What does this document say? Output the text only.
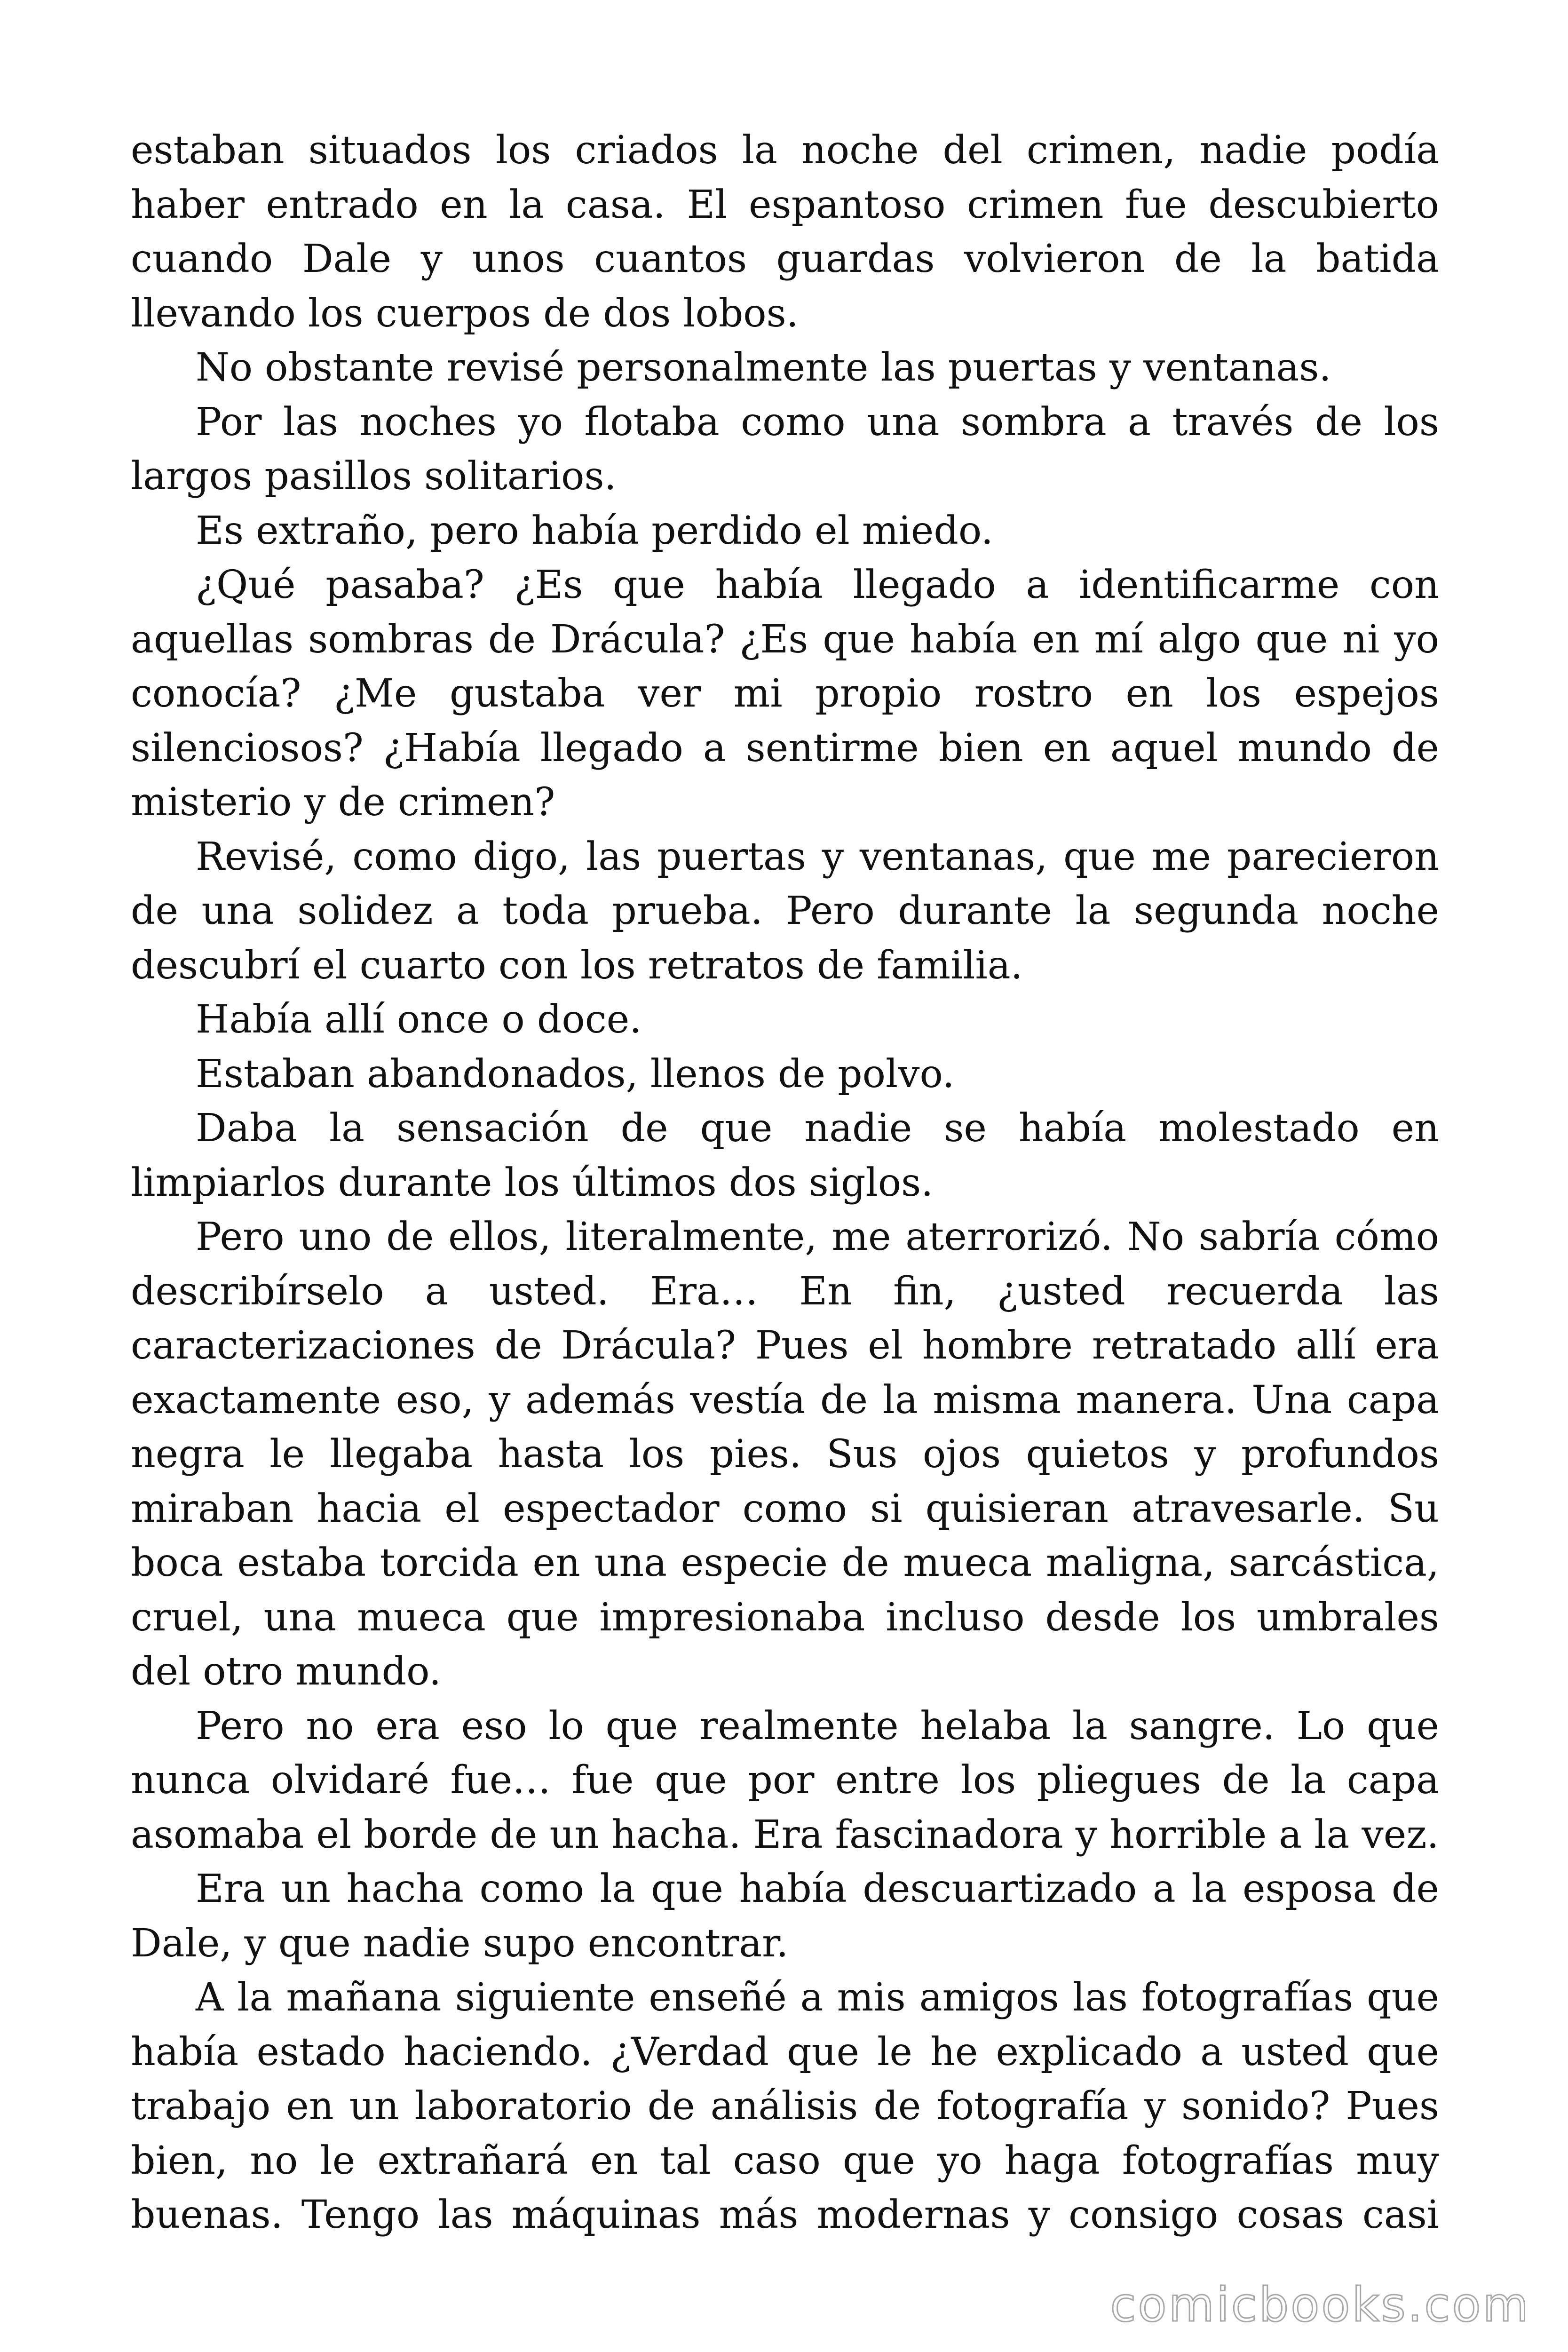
estaban situados los criados la noche del crimen, nadie podía haber entrado en la casa. El espantoso crimen fue descubierto cuando Dale y unos cuantos guardas volvieron de la batida llevando los cuerpos de dos lobos.

No obstante revisé personalmente las puertas y ventanas.

Por las noches yo flotaba como una sombra a través de los largos pasillos solitarios.

Es extraño, pero había perdido el miedo.

¿Qué pasaba? ¿Es que había llegado a identificarme con aquellas sombras de Drácula? ¿Es que había en mí algo que ni yo conocía? ¿Me gustaba ver mi propio rostro en los espejos silenciosos? ¿Había llegado a sentirme bien en aquel mundo de misterio y de crimen?

Revisé, como digo, las puertas y ventanas, que me parecieron de una solidez a toda prueba. Pero durante la segunda noche descubrí el cuarto con los retratos de familia.

Había allí once o doce.

Estaban abandonados, llenos de polvo.

Daba la sensación de que nadie se había molestado en limpiarlos durante los últimos dos siglos.

Pero uno de ellos, literalmente, me aterrorizó. No sabría cómo describírselo a usted. Era… En fin, ¿usted recuerda las caracterizaciones de Drácula? Pues el hombre retratado allí era exactamente eso, y además vestía de la misma manera. Una capa negra le llegaba hasta los pies. Sus ojos quietos y profundos miraban hacia el espectador como si quisieran atravesarle. Su boca estaba torcida en una especie de mueca maligna, sarcástica, cruel, una mueca que impresionaba incluso desde los umbrales del otro mundo.

Pero no era eso lo que realmente helaba la sangre. Lo que nunca olvidaré fue… fue que por entre los pliegues de la capa asomaba el borde de un hacha. Era fascinadora y horrible a la vez.

Era un hacha como la que había descuartizado a la esposa de Dale, y que nadie supo encontrar.

A la mañana siguiente enseñé a mis amigos las fotografías que había estado haciendo. ¿Verdad que le he explicado a usted que trabajo en un laboratorio de análisis de fotografía y sonido? Pues bien, no le extrañará en tal caso que yo haga fotografías muy buenas. Tengo las máquinas más modernas y consigo cosas casi

comicbooks.com
